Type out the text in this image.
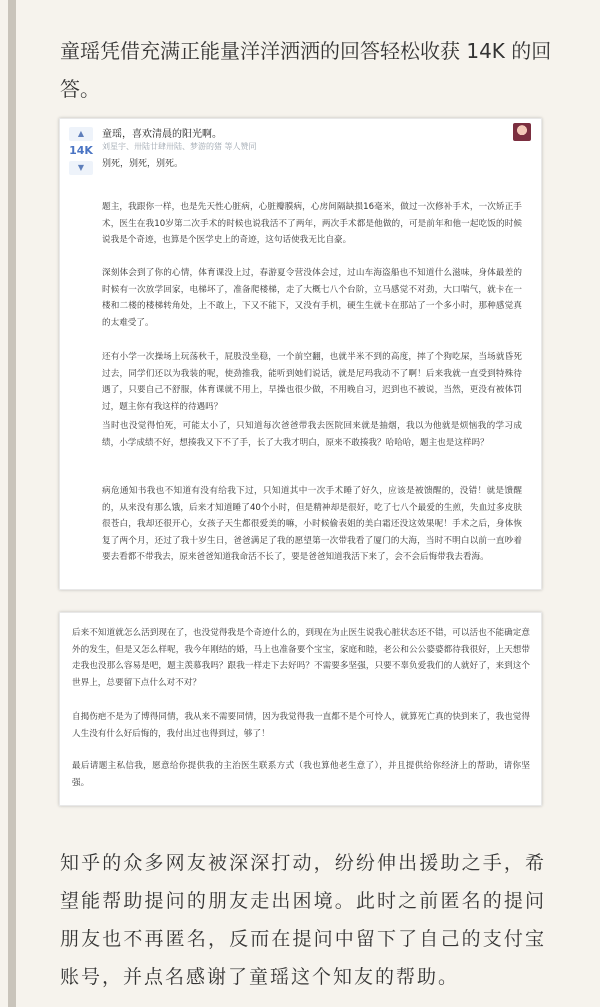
童瑶凭借充满正能量洋洋洒洒的回答轻松收获 14K 的回答。

▲
14K
▼
童瑶，喜欢清晨的阳光啊。
刘星宇、卅陆廿肆卅陆、梦游的猪 等人赞同
别死，别死，别死。

题主，我跟你一样，也是先天性心脏病，心脏瓣膜病，心房间隔缺损16毫米，做过一次修补手术，一次矫正手术，医生在我10岁第二次手术的时候也说我活不了两年，两次手术都是他做的，可是前年和他一起吃饭的时候说我是个奇迹，也算是个医学史上的奇迹，这句话使我无比自豪。

深刻体会到了你的心情，体育课没上过，春游夏令营没体会过，过山车海盗船也不知道什么滋味，身体最差的时候有一次放学回家，电梯坏了，准备爬楼梯，走了大概七八个台阶，立马感觉不对劲，大口喘气，就卡在一楼和二楼的楼梯转角处，上不敢上，下又不能下，又没有手机，硬生生就卡在那站了一个多小时，那种感觉真的太难受了。

还有小学一次操场上玩荡秋千，屁股没坐稳，一个前空翻，也就半米不到的高度，摔了个狗吃屎，当场就昏死过去，同学们还以为我装的呢，使劲推我，能听到她们说话，就是尼玛我动不了啊！后来我就一直受到特殊待遇了，只要自己不舒服，体育课就不用上，早操也很少做，不用晚自习，迟到也不被说，当然，更没有被体罚过，题主你有我这样的待遇吗？

当时也没觉得怕死，可能太小了，只知道每次爸爸带我去医院回来就是抽烟，我以为他就是烦恼我的学习成绩，小学成绩不好，想揍我又下不了手，长了大我才明白，原来不敢揍我？哈哈哈，题主也是这样吗？

病危通知书我也不知道有没有给我下过，只知道其中一次手术睡了好久，应该是被馈醒的，没错！就是馈醒的，从来没有那么饿，后来才知道睡了40个小时，但是精神却是很好，吃了七八个最爱的生煎，失血过多皮肤很苍白，我却还很开心，女孩子天生都很爱美的嘛，小时候偷表姐的美白霜还没这效果呢！手术之后，身体恢复了两个月，还过了我十岁生日，爸爸满足了我的愿望第一次带我看了厦门的大海，当时不明白以前一直吵着要去看都不带我去，原来爸爸知道我命活不长了，要是爸爸知道我活下来了，会不会后悔带我去看海。

后来不知道就怎么活到现在了，也没觉得我是个奇迹什么的，到现在为止医生说我心脏状态还不错，可以活也不能确定意外的发生，但是又怎么样呢，我今年刚结的婚，马上也准备要个宝宝，家庭和睦，老公和公公婆婆都待我很好，上天想带走我也没那么容易是吧，题主羡慕我吗？跟我一样走下去好吗？不需要多坚强，只要不辜负爱我们的人就好了，来到这个世界上，总要留下点什么对不对？

自揭伤疤不是为了博得同情，我从来不需要同情，因为我觉得我一直都不是个可怜人，就算死亡真的快到来了，我也觉得人生没有什么好后悔的，我付出过也得到过，够了！

最后请题主私信我，愿意给你提供我的主治医生联系方式（我也算他老生意了），并且提供给你经济上的帮助，请你坚强。

知乎的众多网友被深深打动，纷纷伸出援助之手，希望能帮助提问的朋友走出困境。此时之前匿名的提问朋友也不再匿名，反而在提问中留下了自己的支付宝账号，并点名感谢了童瑶这个知友的帮助。
